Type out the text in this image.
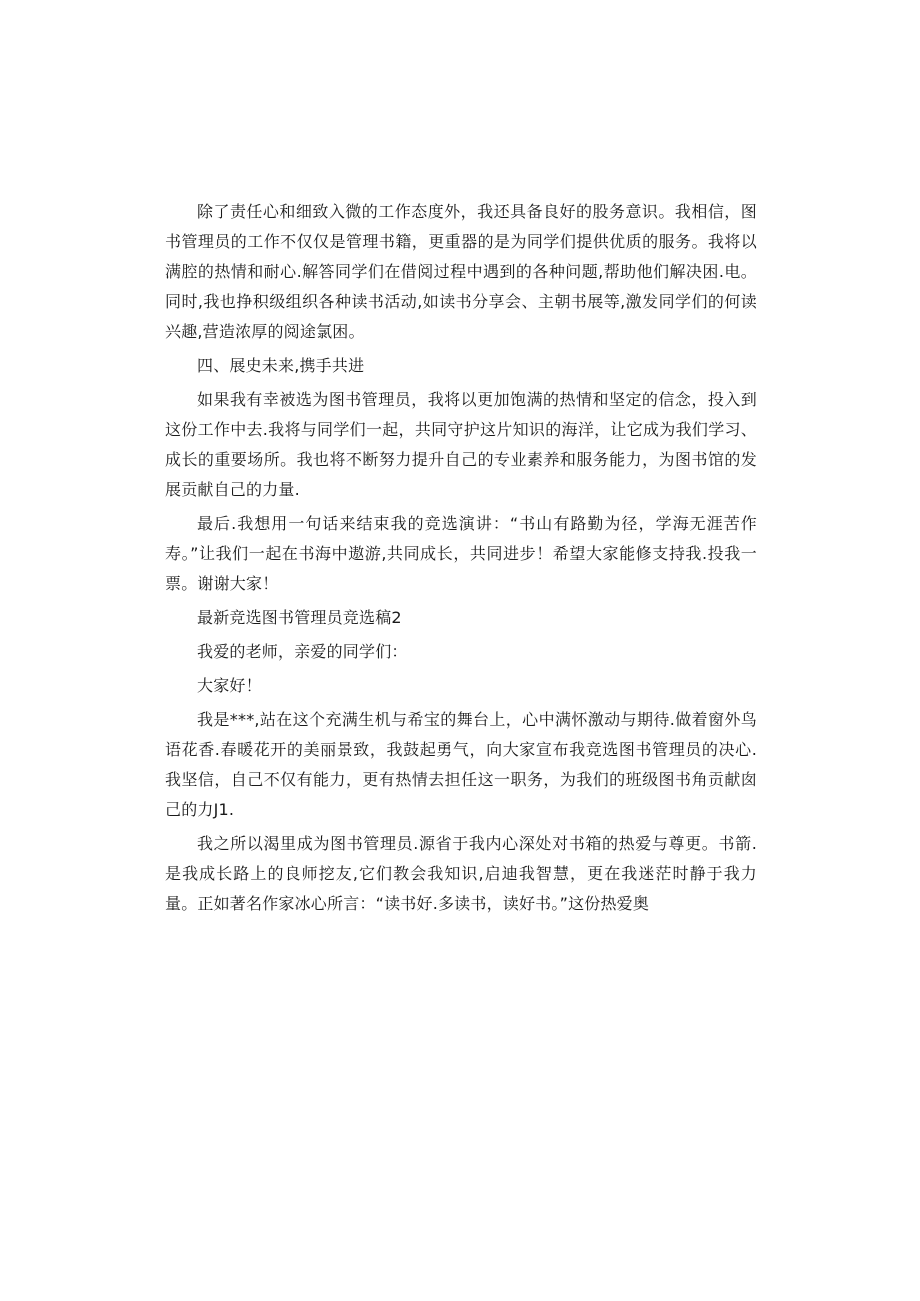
除了责任心和细致入微的工作态度外，我还具备良好的股务意识。我相信，图书管理员的工作不仅仅是管理书籍，更重器的是为同学们提供优质的服务。我将以满腔的热情和耐心.解答同学们在借阅过程中遇到的各种问题,帮助他们解决困.电。同时,我也挣积级组织各种读书活动,如读书分享会、主朝书展等,激发同学们的何读兴趣,营造浓厚的阅途氯困。

四、展史未来,携手共进

如果我有幸被选为图书管理员，我将以更加饱满的热情和坚定的信念，投入到这份工作中去.我将与同学们一起，共同守护这片知识的海洋，让它成为我们学习、成长的重要场所。我也将不断努力提升自己的专业素养和服务能力，为图书馆的发展贡献自己的力量.

最后.我想用一句话来结束我的竞选演讲：“书山有路勤为径，学海无涯苦作寿。”让我们一起在书海中遨游,共同成长，共同进步！希望大家能修支持我.投我一票。谢谢大家！

最新竞选图书管理员竞选稿2

我爱的老师，亲爱的同学们：

大家好！

我是***,站在这个充满生机与希宝的舞台上，心中满怀激动与期待.做着窗外鸟语花香.春暖花开的美丽景致，我鼓起勇气，向大家宣布我竞选图书管理员的决心.我坚信，自己不仅有能力，更有热情去担任这一职务，为我们的班级图书角贡献囱己的力J1.

我之所以渴里成为图书管理员.源省于我内心深处对书箱的热爱与尊更。书箭.是我成长路上的良师挖友,它们教会我知识,启迪我智慧，更在我迷茫时静于我力量。正如著名作家冰心所言：“读书好.多读书，读好书。”这份热爱奥
